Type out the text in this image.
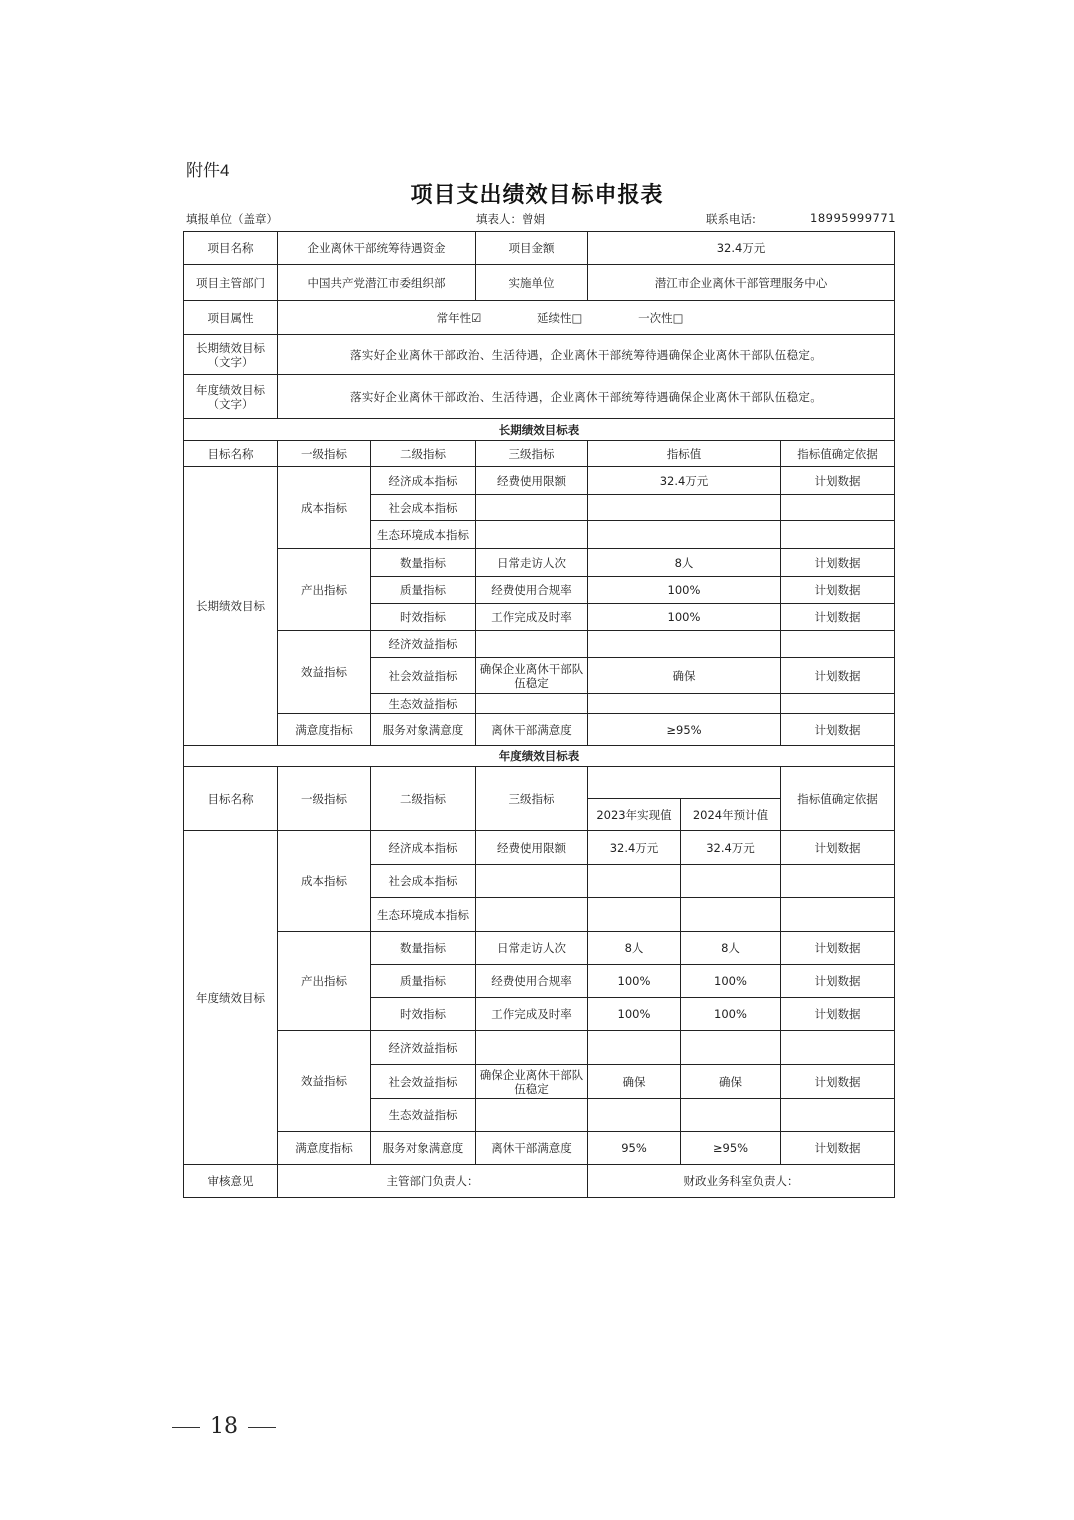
附件4
项目支出绩效目标申报表
填报单位（盖章）	填表人：曾娟	联系电话:	18995999771
项目名称	企业离休干部统筹待遇资金		项目金额	32.4万元		
项目主管部门	中国共产党潜江市委组织部		实施单位	潜江市企业离休干部管理服务中心		
项目属性	常年性☑ 延续性□ 一次性□					

长期绩效目标
（文字）	落实好企业离休干部政治、生活待遇，企业离休干部统筹待遇确保企业离休干部队伍稳定。					

年度绩效目标
（文字）	落实好企业离休干部政治、生活待遇，企业离休干部统筹待遇确保企业离休干部队伍稳定。					
长期绩效目标表						
目标名称	一级指标	二级指标	三级指标	指标值		指标值确定依据
长期绩效目标	成本指标	经济成本指标	经费使用限额	32.4万元		计划数据
		社会成本指标				
		生态环境成本指标				
	产出指标	数量指标	日常走访人次	8人		计划数据
		质量指标	经费使用合规率	100%		计划数据
		时效指标	工作完成及时率	100%		计划数据
	效益指标	经济效益指标				
		社会效益指标	确保企业离休干部队伍稳定	确保		计划数据
		生态效益指标				
	满意度指标	服务对象满意度	离休干部满意度	≥95%		计划数据
年度绩效目标表						
目标名称	一级指标	二级指标	三级指标			指标值确定依据
				2023年实现值	2024年预计值	
年度绩效目标	成本指标	经济成本指标	经费使用限额	32.4万元	32.4万元	计划数据
		社会成本指标				
		生态环境成本指标				
	产出指标	数量指标	日常走访人次	8人	8人	计划数据
		质量指标	经费使用合规率	100%	100%	计划数据
		时效指标	工作完成及时率	100%	100%	计划数据
	效益指标	经济效益指标				
		社会效益指标	确保企业离休干部队伍稳定	确保	确保	计划数据
		生态效益指标				
	满意度指标	服务对象满意度	离休干部满意度	95%	≥95%	计划数据
审核意见	主管部门负责人：			财政业务科室负责人：		
18
